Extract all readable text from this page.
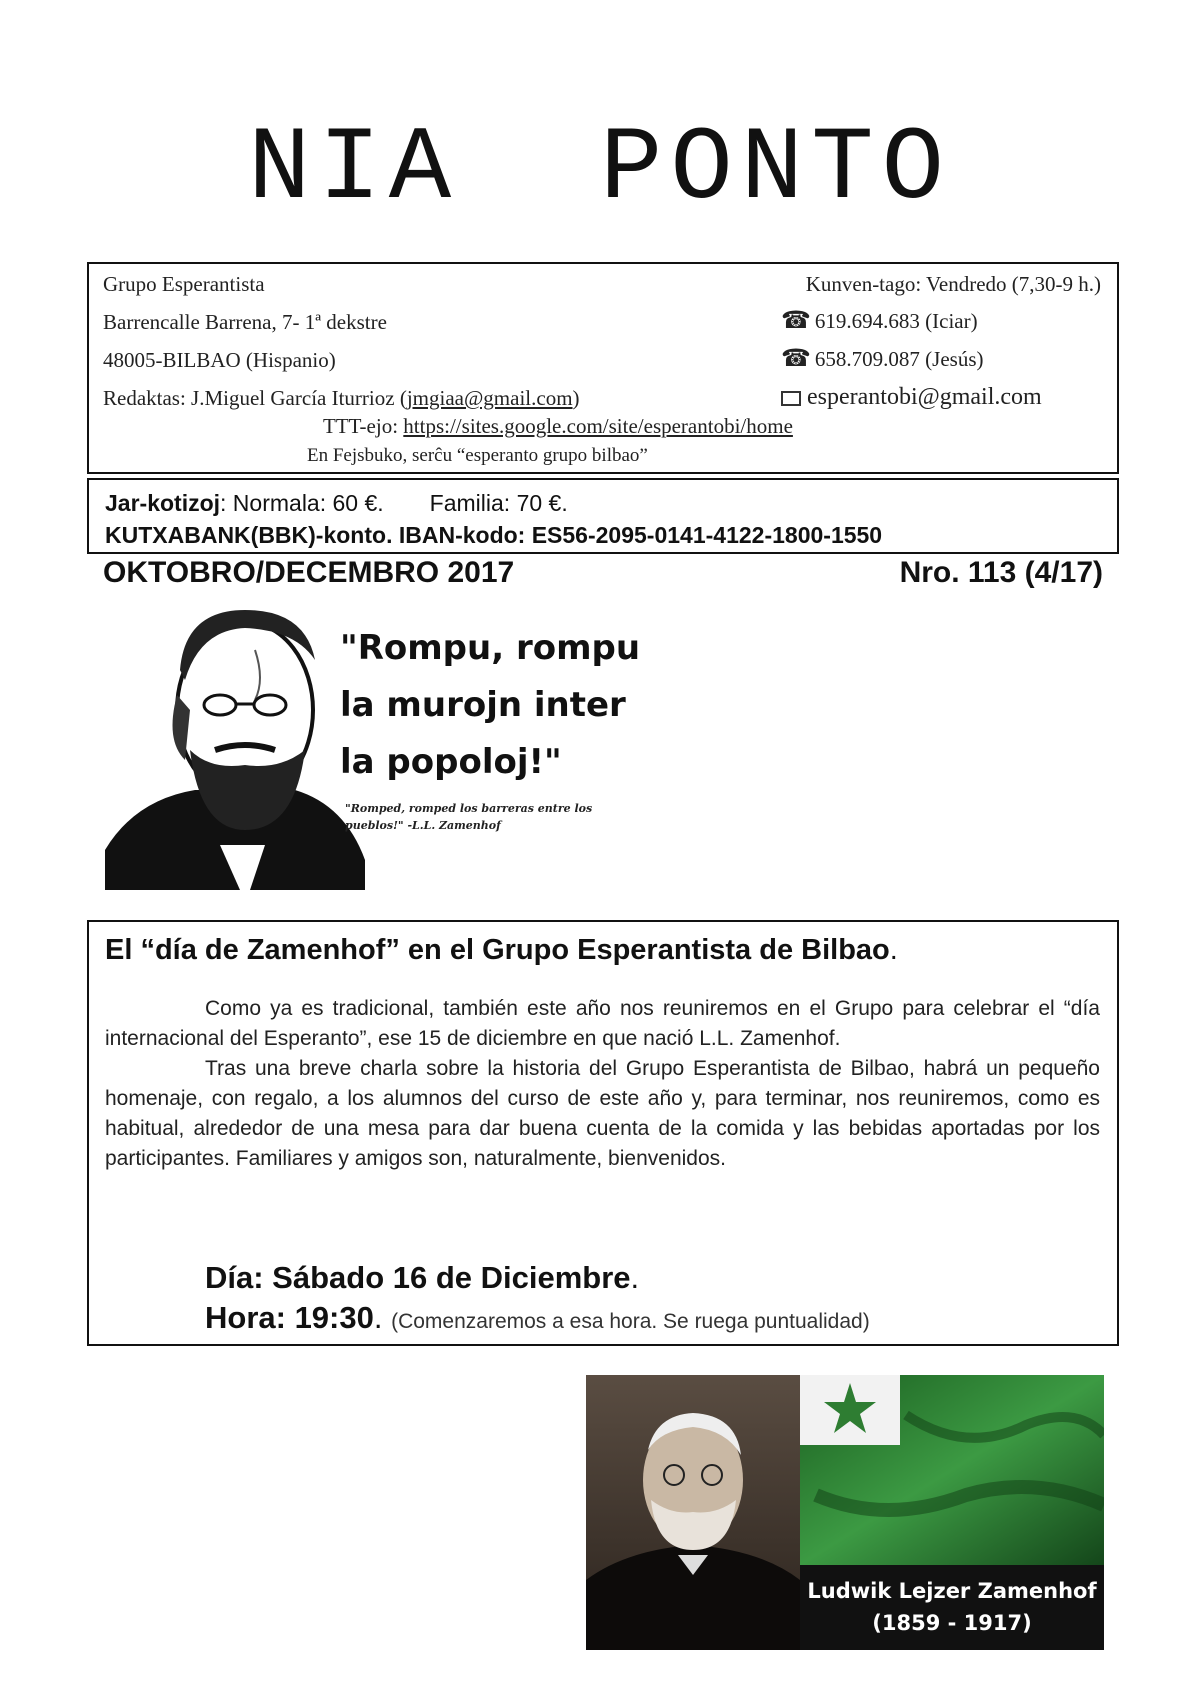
NIA  PONTO
Grupo Esperantista
Barrencalle Barrena, 7- 1ª dekstre
48005-BILBAO (Hispanio)
Redaktas: J.Miguel García Iturrioz (jmgiaa@gmail.com)
Kunven-tago: Vendredo (7,30-9 h.)
☎ 619.694.683 (Iciar)
☎ 658.709.087 (Jesús)
esperantobi@gmail.com
TTT-ejo: https://sites.google.com/site/esperantobi/home
En Fejsbuko, serĉu “esperanto grupo bilbao”
Jar-kotizoj: Normala: 60 €. Familia: 70 €.
KUTXABANK(BBK)-konto. IBAN-kodo: ES56-2095-0141-4122-1800-1550
OKTOBRO/DECEMBRO 2017	Nro. 113 (4/17)
"Rompu, rompu
la murojn inter
la popoloj!"
"Romped, romped los barreras entre los
pueblos!" -L.L. Zamenhof
El “día de Zamenhof” en el Grupo Esperantista de Bilbao.

Como ya es tradicional, también este año nos reuniremos en el Grupo para celebrar el “día internacional del Esperanto”, ese 15 de diciembre en que nació L.L. Zamenhof.

Tras una breve charla sobre la historia del Grupo Esperantista de Bilbao, habrá un pequeño homenaje, con regalo, a los alumnos del curso de este año y, para terminar, nos reuniremos, como es habitual, alrededor de una mesa para dar buena cuenta de la comida y las bebidas aportadas por los participantes. Familiares y amigos son, naturalmente, bienvenidos.

Día: Sábado 16 de Diciembre.
Hora: 19:30. (Comenzaremos a esa hora. Se ruega puntualidad)
Ludwik Lejzer Zamenhof
(1859 - 1917)
